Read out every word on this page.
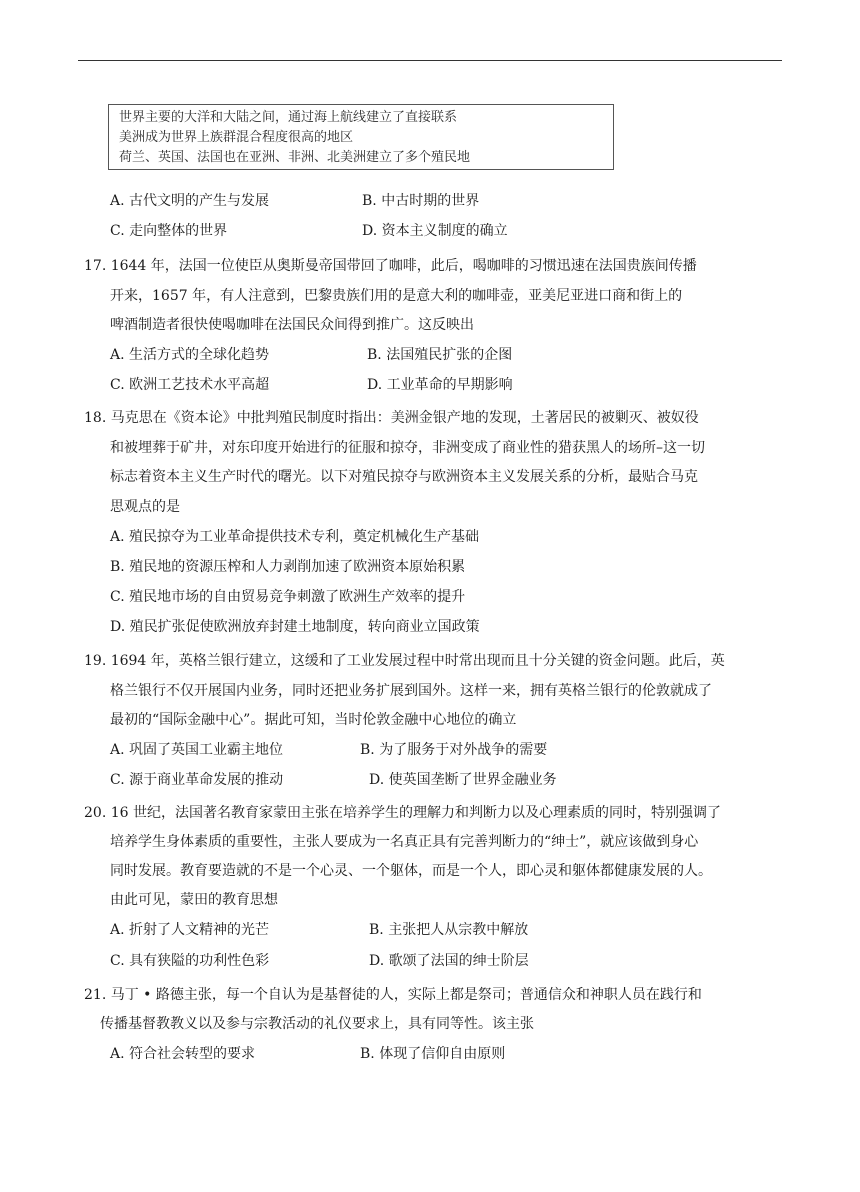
世界主要的大洋和大陆之间，通过海上航线建立了直接联系
美洲成为世界上族群混合程度很高的地区
荷兰、英国、法国也在亚洲、非洲、北美洲建立了多个殖民地
A. 古代文明的产生与发展	B. 中古时期的世界
C. 走向整体的世界	D. 资本主义制度的确立
17. 1644 年，法国一位使臣从奥斯曼帝国带回了咖啡，此后，喝咖啡的习惯迅速在法国贵族间传播
开来，1657 年，有人注意到，巴黎贵族们用的是意大利的咖啡壶，亚美尼亚进口商和街上的
啤酒制造者很快使喝咖啡在法国民众间得到推广。这反映出
A. 生活方式的全球化趋势	B. 法国殖民扩张的企图
C. 欧洲工艺技术水平高超	D. 工业革命的早期影响
18. 马克思在《资本论》中批判殖民制度时指出：美洲金银产地的发现，土著居民的被剿灭、被奴役
和被埋葬于矿井，对东印度开始进行的征服和掠夺，非洲变成了商业性的猎获黑人的场所–这一切
标志着资本主义生产时代的曙光。以下对殖民掠夺与欧洲资本主义发展关系的分析，最贴合马克
思观点的是
A. 殖民掠夺为工业革命提供技术专利，奠定机械化生产基础
B. 殖民地的资源压榨和人力剥削加速了欧洲资本原始积累
C. 殖民地市场的自由贸易竞争刺激了欧洲生产效率的提升
D. 殖民扩张促使欧洲放弃封建土地制度，转向商业立国政策
19. 1694 年，英格兰银行建立，这缓和了工业发展过程中时常出现而且十分关键的资金问题。此后，英
格兰银行不仅开展国内业务，同时还把业务扩展到国外。这样一来，拥有英格兰银行的伦敦就成了
最初的“国际金融中心”。据此可知，当时伦敦金融中心地位的确立
A. 巩固了英国工业霸主地位	B. 为了服务于对外战争的需要
C. 源于商业革命发展的推动	D. 使英国垄断了世界金融业务
20. 16 世纪，法国著名教育家蒙田主张在培养学生的理解力和判断力以及心理素质的同时，特别强调了
培养学生身体素质的重要性，主张人要成为一名真正具有完善判断力的“绅士”，就应该做到身心
同时发展。教育要造就的不是一个心灵、一个躯体，而是一个人，即心灵和躯体都健康发展的人。
由此可见，蒙田的教育思想
A. 折射了人文精神的光芒	B. 主张把人从宗教中解放
C. 具有狭隘的功利性色彩	D. 歌颂了法国的绅士阶层
21. 马丁 • 路德主张，每一个自认为是基督徒的人，实际上都是祭司；普通信众和神职人员在践行和
传播基督教教义以及参与宗教活动的礼仪要求上，具有同等性。该主张
A. 符合社会转型的要求	B. 体现了信仰自由原则
